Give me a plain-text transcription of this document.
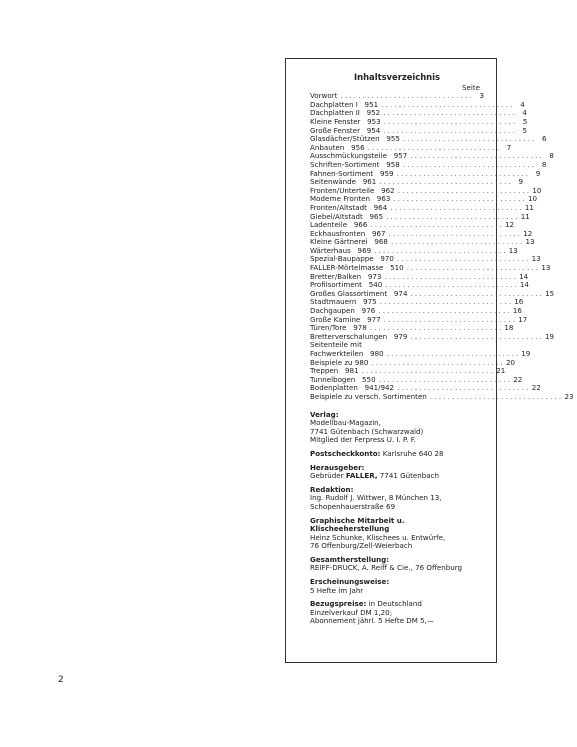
Inhaltsverzeichnis
Seite
Vorwort .............................. 3
Dachplatten I   951 .............................. 4
Dachplatten II   952 .............................. 4
Kleine Fenster   953 .............................. 5
Große Fenster   954 .............................. 5
Glasdächer/Stützen   955 .............................. 6
Anbauten   956 .............................. 7
Ausschmückungsteile   957 .............................. 8
Schriften-Sortiment   958 .............................. 8
Fahnen-Sortiment   959 .............................. 9
Seitenwände   961 .............................. 9
Fronten/Unterteile   962 .............................. 10
Moderne Fronten   963 .............................. 10
Fronten/Altstadt   964 .............................. 11
Giebel/Altstadt   965 .............................. 11
Ladenteile   966 .............................. 12
Eckhausfronten   967 .............................. 12
Kleine Gärtnerei   968 .............................. 13
Wärterhaus   969 .............................. 13
Spezial-Baupappe   970 .............................. 13
FALLER-Mörtelmasse   510 .............................. 13
Bretter/Balken   973 .............................. 14
Profilsortiment   540 .............................. 14
Großes Glassortiment   974 .............................. 15
Stadtmauern   975 .............................. 16
Dachgaupen   976 .............................. 16
Große Kamine   977 .............................. 17
Türen/Tore   978 .............................. 18
Bretterverschalungen   979 .............................. 19
Seitenteile mit
Fachwerkteilen   980 .............................. 19
Beispiele zu 980 .............................. 20
Treppen   981 .............................. 21
Tunnelbogen   550 .............................. 22
Bodenplatten   941/942 .............................. 22
Beispiele zu versch. Sortimenten .............................. 23
Verlag:
Modellbau-Magazin,
7741 Gütenbach (Schwarzwald)
Mitglied der Ferpress U. I. P. F.
Postscheckkonto: Karlsruhe 640 28
Herausgeber:
Gebrüder FALLER, 7741 Gütenbach
Redaktion:
Ing. Rudolf J. Wittwer, 8 München 13,
Schopenhauerstraße 69
Graphische Mitarbeit u. Klischeeherstellung
Heinz Schunke, Klischees u. Entwürfe,
76 Offenburg/Zell-Weierbach
Gesamtherstellung:
REIFF-DRUCK, A. Reiff & Cie., 76 Offenburg
Erscheinungsweise:
5 Hefte im Jahr
Bezugspreise: in Deutschland
Einzelverkauf DM 1,20;
Abonnement jährl. 5 Hefte DM 5,—
2
